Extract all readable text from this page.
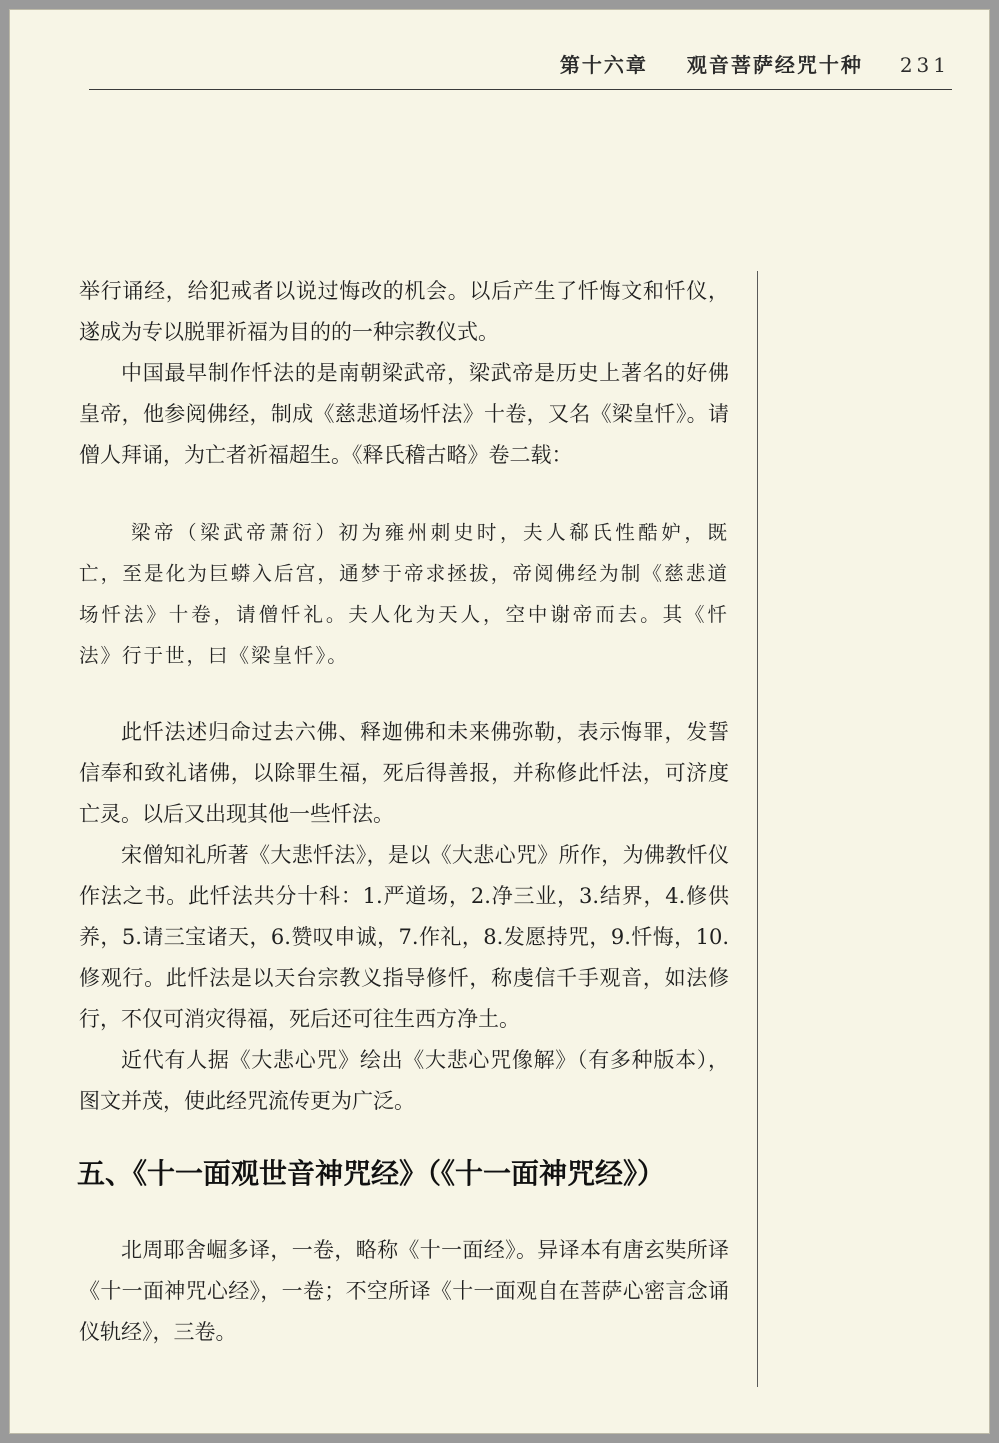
第十六章 观音菩萨经咒十种 231

举行诵经，给犯戒者以说过悔改的机会。以后产生了忏悔文和忏仪，遂成为专以脱罪祈福为目的的一种宗教仪式。

中国最早制作忏法的是南朝梁武帝，梁武帝是历史上著名的好佛皇帝，他参阅佛经，制成《慈悲道场忏法》十卷，又名《梁皇忏》。请僧人拜诵，为亡者祈福超生。《释氏稽古略》卷二载：

梁帝（梁武帝萧衍）初为雍州刺史时，夫人郗氏性酷妒，既亡，至是化为巨蟒入后宫，通梦于帝求拯拔，帝阅佛经为制《慈悲道场忏法》十卷，请僧忏礼。夫人化为天人，空中谢帝而去。其《忏法》行于世，曰《梁皇忏》。

此忏法述归命过去六佛、释迦佛和未来佛弥勒，表示悔罪，发誓信奉和致礼诸佛，以除罪生福，死后得善报，并称修此忏法，可济度亡灵。以后又出现其他一些忏法。

宋僧知礼所著《大悲忏法》，是以《大悲心咒》所作，为佛教忏仪作法之书。此忏法共分十科：1.严道场，2.净三业，3.结界，4.修供养，5.请三宝诸天，6.赞叹申诚，7.作礼，8.发愿持咒，9.忏悔，10.修观行。此忏法是以天台宗教义指导修忏，称虔信千手观音，如法修行，不仅可消灾得福，死后还可往生西方净土。

近代有人据《大悲心咒》绘出《大悲心咒像解》（有多种版本），图文并茂，使此经咒流传更为广泛。

五、《十一面观世音神咒经》（《十一面神咒经》）

北周耶舍崛多译，一卷，略称《十一面经》。异译本有唐玄奘所译《十一面神咒心经》，一卷；不空所译《十一面观自在菩萨心密言念诵仪轨经》，三卷。
